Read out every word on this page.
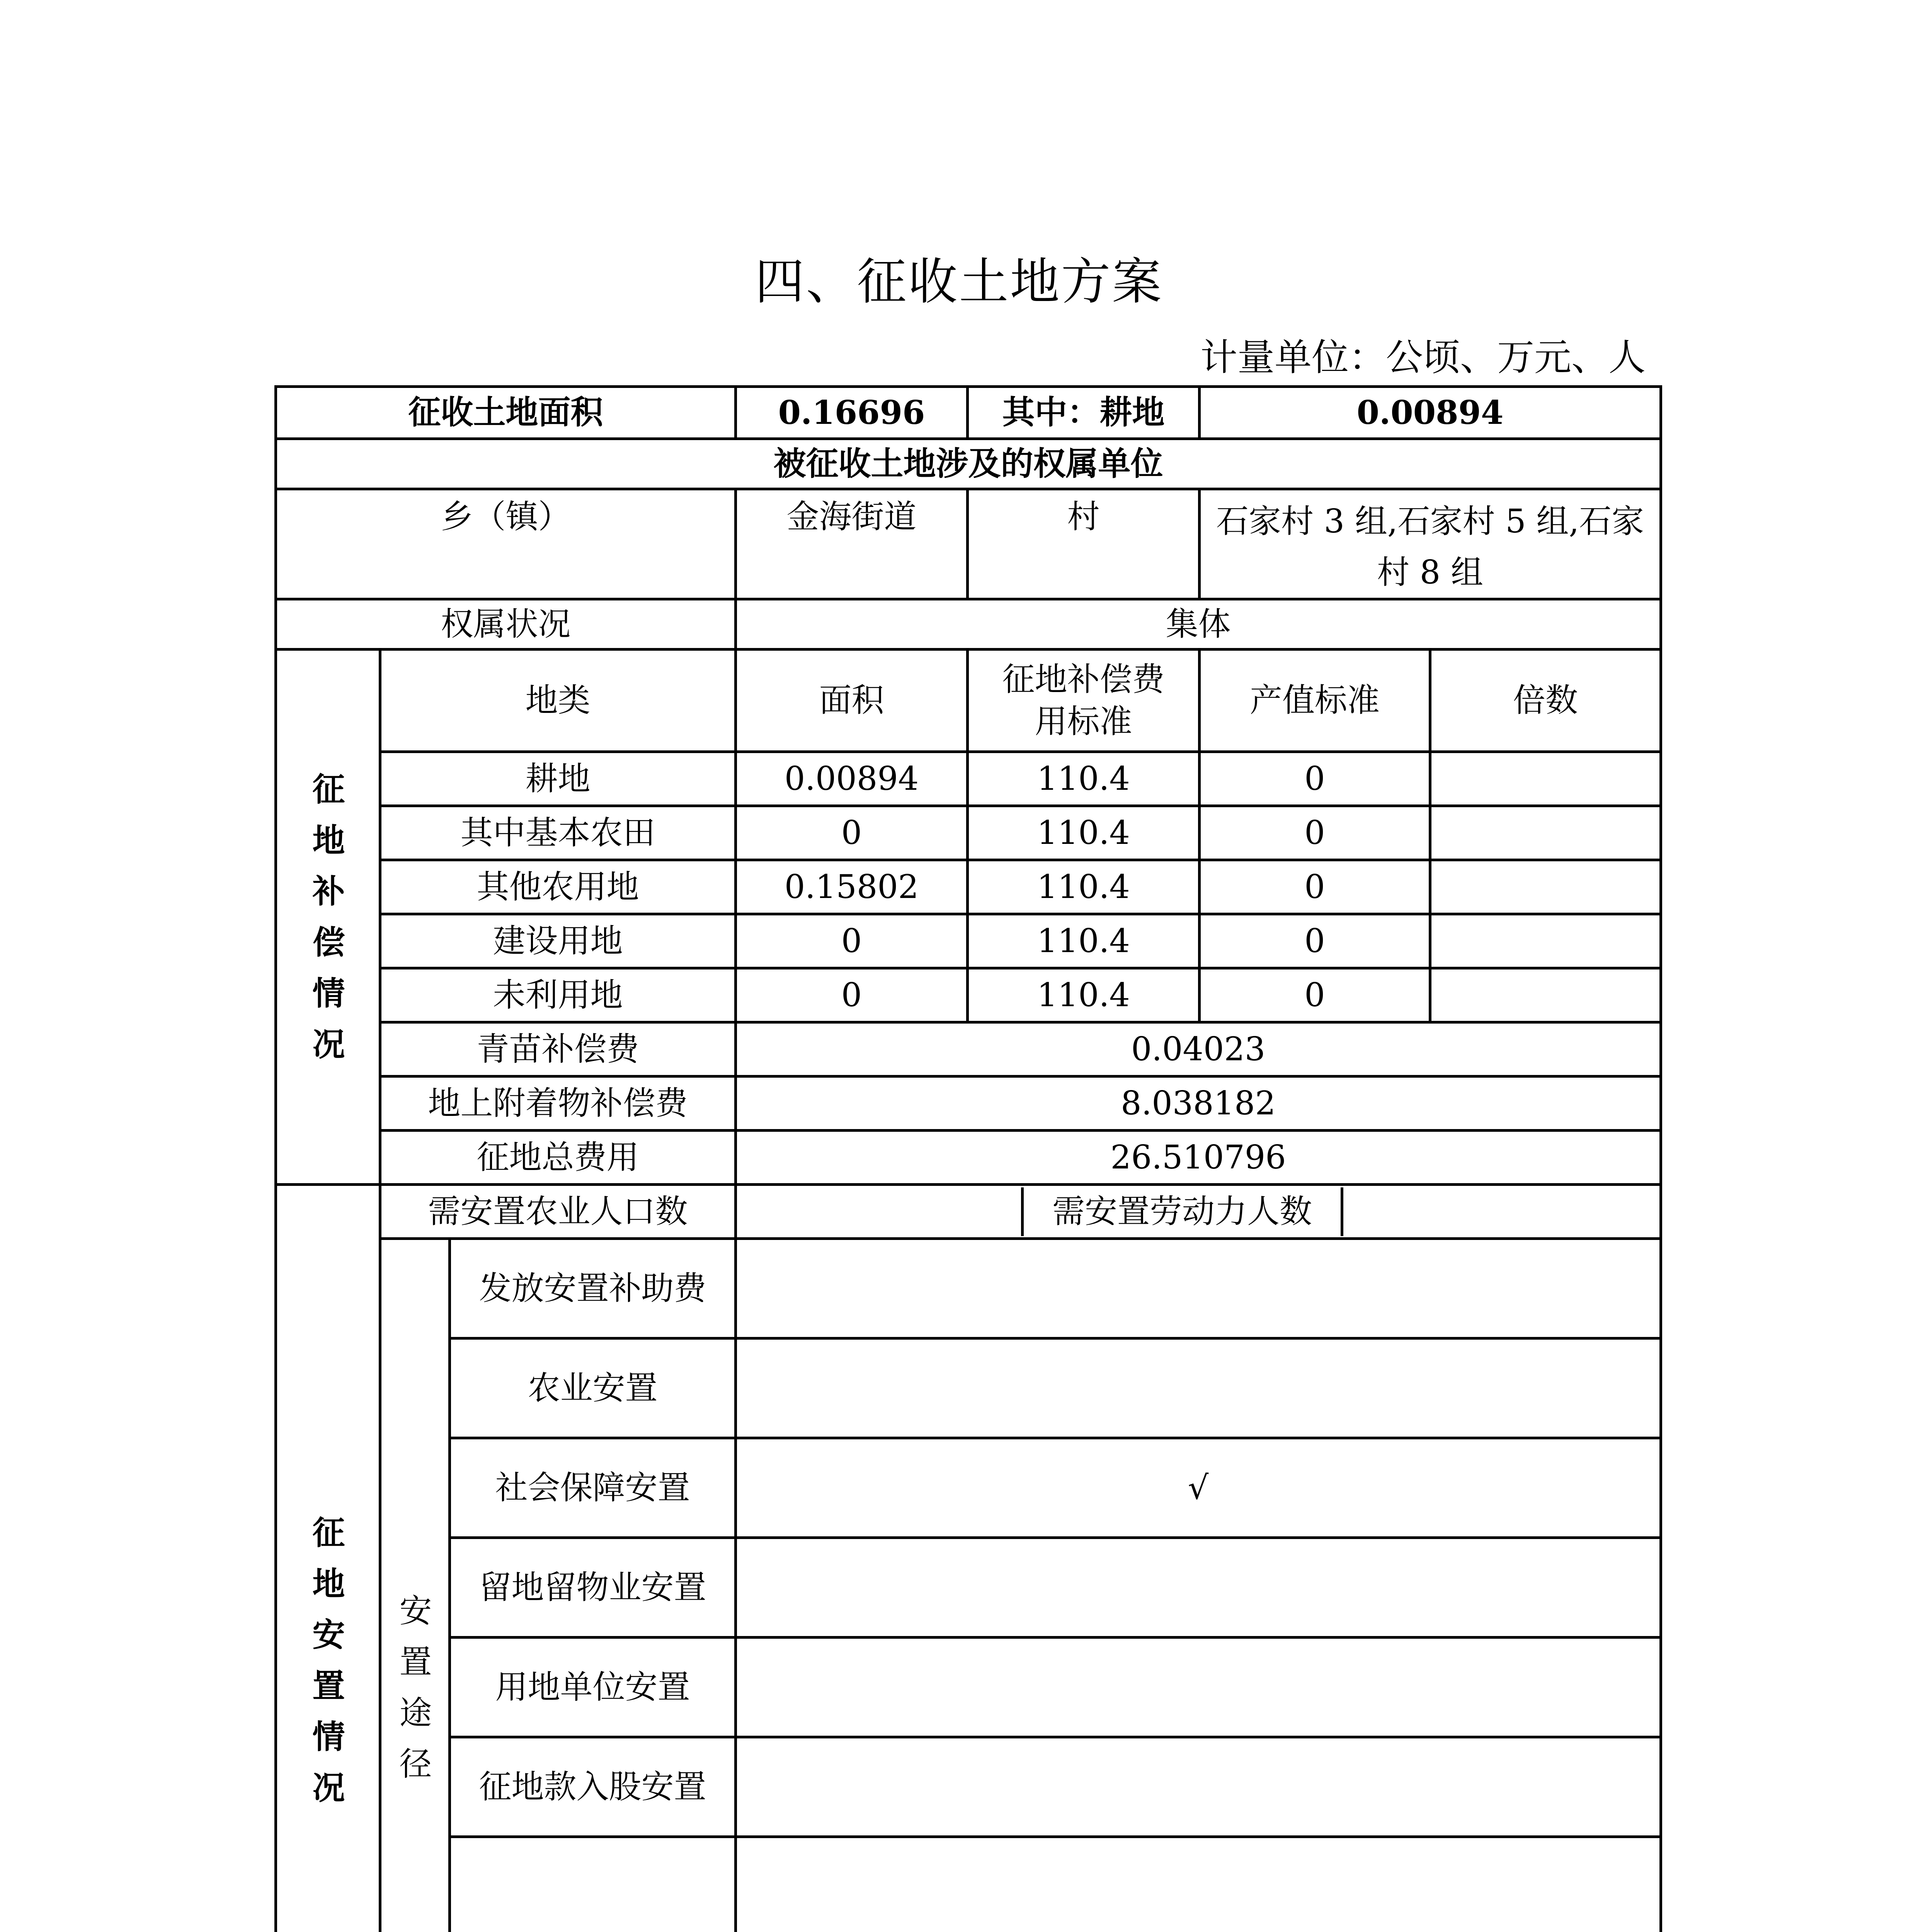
四、征收土地方案
计量单位：公顷、万元、人
征收土地面积			0.16696	其中：耕地	0.00894	
被征收土地涉及的权属单位						
乡（镇）			金海街道	村	石家村 3 组,石家村 5 组,石家村 8 组	
权属状况			集体			

征地补偿情况	地类		面积	征地补偿费用标准	产值标准	倍数
	耕地		0.00894	110.4	0	
	其中基本农田		0	110.4	0	
	其他农用地		0.15802	110.4	0	
	建设用地		0	110.4	0	
	未利用地		0	110.4	0	
	青苗补偿费		0.04023			
	地上附着物补偿费		8.038182			
	征地总费用		26.510796			

征地安置情况	需安置农业人口数		需安置劳动力人数			

	安置途径	发放安置补助费				
		农业安置				
		社会保障安置	√			
		留地留物业安置				
		用地单位安置				
		征地款入股安置				
